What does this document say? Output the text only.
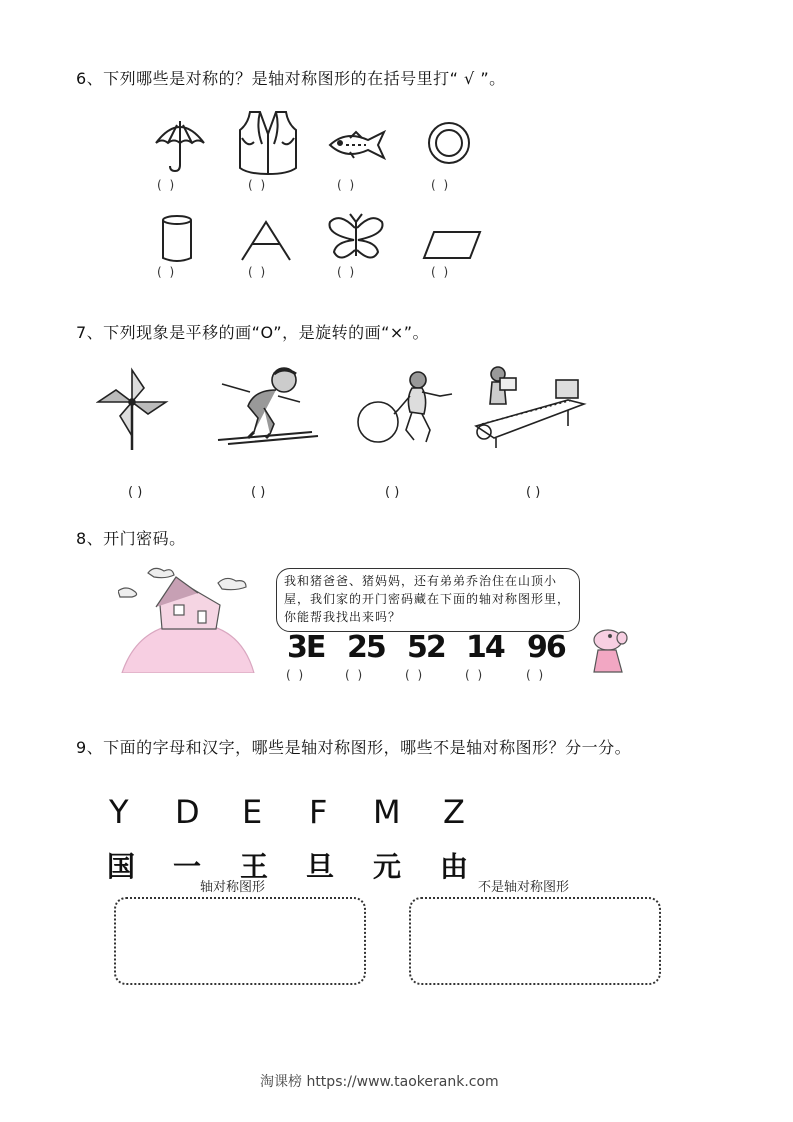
6、下列哪些是对称的？是轴对称图形的在括号里打“ √ ”。
( )	( )	( )	( )
( )	( )	( )	( )
7、下列现象是平移的画“O”，是旋转的画“×”。
( )	( )	( )	( )
8、开门密码。
我和猪爸爸、猪妈妈，还有弟弟乔治住在山顶小屋，我们家的开门密码藏在下面的轴对称图形里，你能帮我找出来吗？
3E 25 52 14 96
( )	( )	( )	( )	( )
9、下面的字母和汉字，哪些是轴对称图形，哪些不是轴对称图形？分一分。
Y D E F M Z
国 一 王 旦 元 由
轴对称图形	不是轴对称图形
淘课榜 https://www.taokerank.com
